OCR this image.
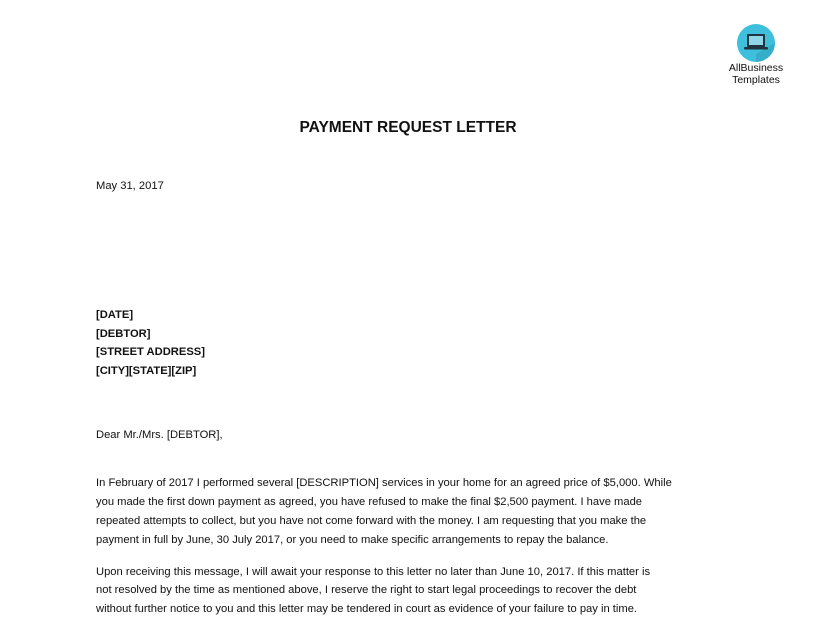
AllBusiness
Templates
PAYMENT REQUEST LETTER
May 31, 2017
[DATE]
[DEBTOR]
[STREET ADDRESS]
[CITY][STATE][ZIP]
Dear Mr./Mrs. [DEBTOR],
In February of 2017 I performed several [DESCRIPTION] services in your home for an agreed price of $5,000. While
you made the first down payment as agreed, you have refused to make the final $2,500 payment. I have made
repeated attempts to collect, but you have not come forward with the money. I am requesting that you make the
payment in full by June, 30 July 2017, or you need to make specific arrangements to repay the balance.
Upon receiving this message, I will await your response to this letter no later than June 10, 2017. If this matter is
not resolved by the time as mentioned above, I reserve the right to start legal proceedings to recover the debt
without further notice to you and this letter may be tendered in court as evidence of your failure to pay in time.
